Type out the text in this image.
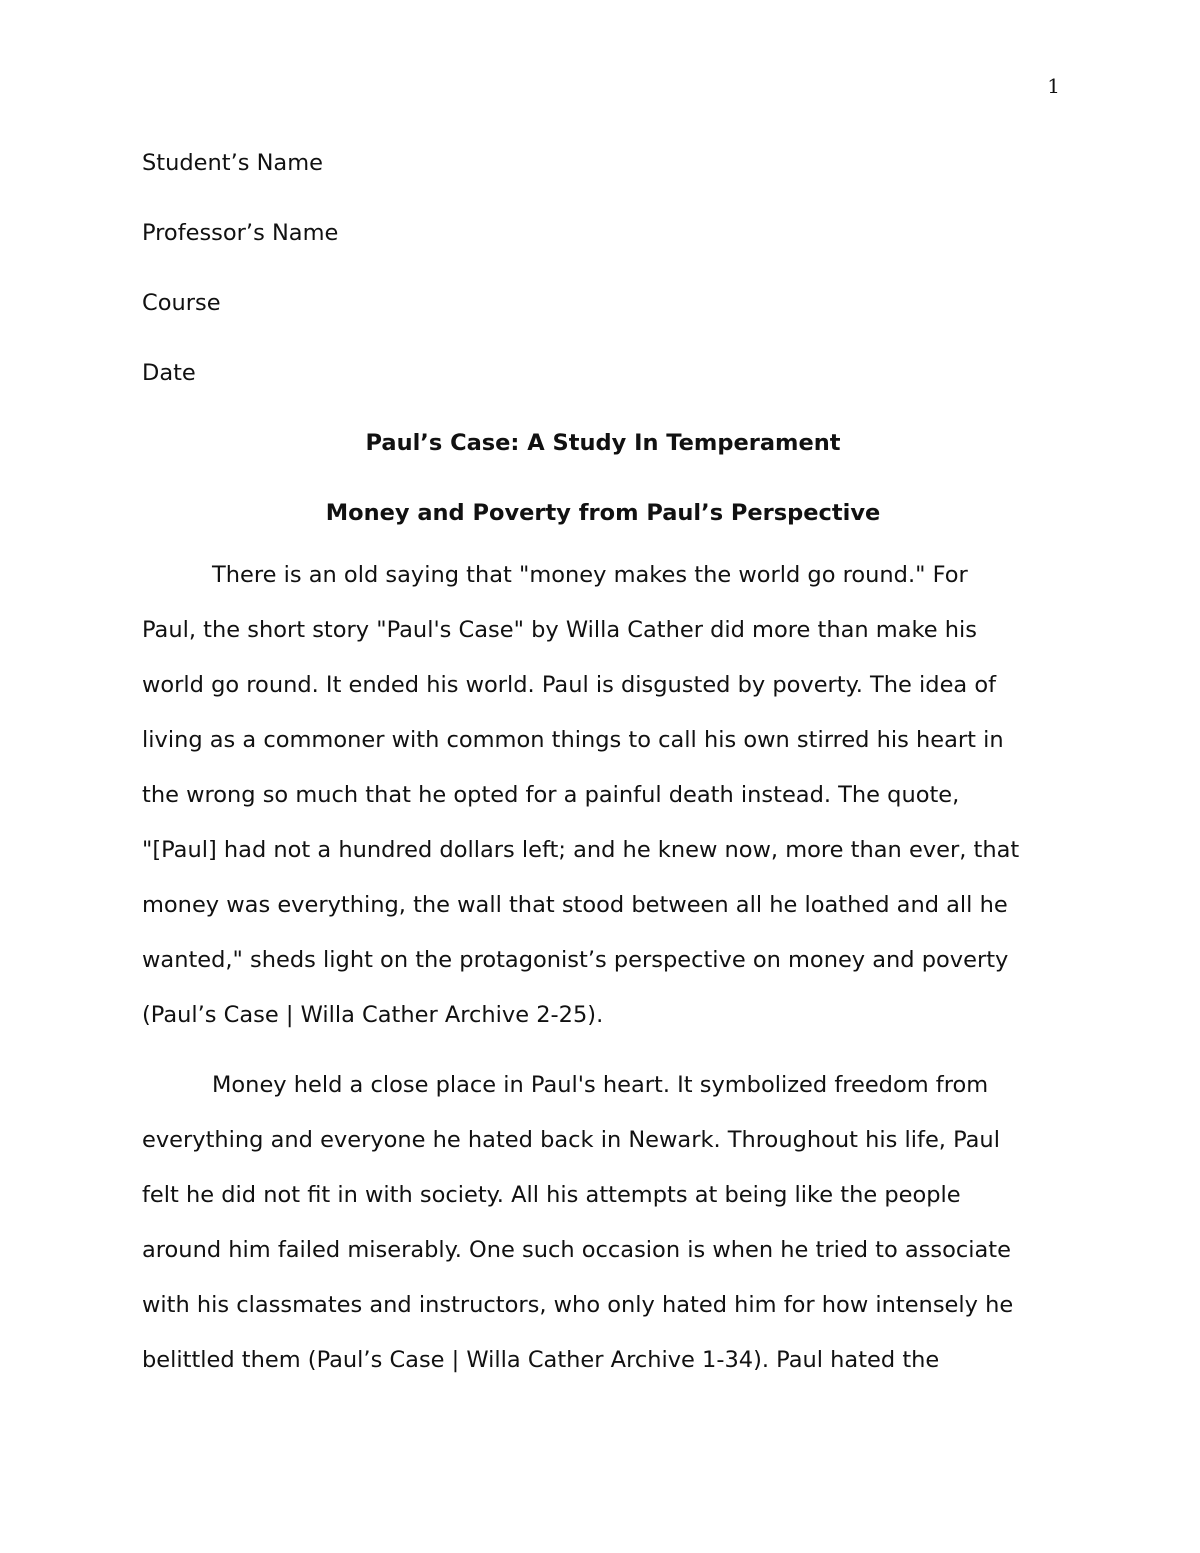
1
Student’s Name
Professor’s Name
Course
Date
Paul’s Case: A Study In Temperament
Money and Poverty from Paul’s Perspective
There is an old saying that "money makes the world go round." For
Paul, the short story "Paul's Case" by Willa Cather did more than make his
world go round. It ended his world. Paul is disgusted by poverty. The idea of
living as a commoner with common things to call his own stirred his heart in
the wrong so much that he opted for a painful death instead. The quote,
"[Paul] had not a hundred dollars left; and he knew now, more than ever, that
money was everything, the wall that stood between all he loathed and all he
wanted," sheds light on the protagonist’s perspective on money and poverty
(Paul’s Case | Willa Cather Archive 2-25).
Money held a close place in Paul's heart. It symbolized freedom from
everything and everyone he hated back in Newark. Throughout his life, Paul
felt he did not fit in with society. All his attempts at being like the people
around him failed miserably. One such occasion is when he tried to associate
with his classmates and instructors, who only hated him for how intensely he
belittled them (Paul’s Case | Willa Cather Archive 1-34). Paul hated the
